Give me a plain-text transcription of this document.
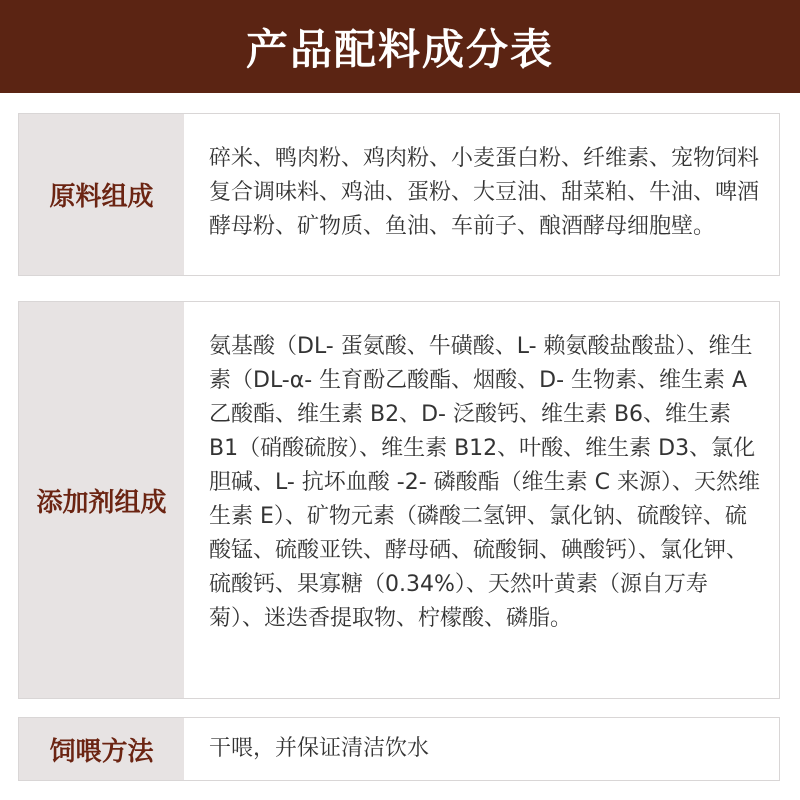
产品配料成分表
原料组成

碎米、鸭肉粉、鸡肉粉、小麦蛋白粉、纤维素、宠物饲料复合调味料、鸡油、蛋粉、大豆油、甜菜粕、牛油、啤酒酵母粉、矿物质、鱼油、车前子、酿酒酵母细胞壁。

添加剂组成

氨基酸（DL- 蛋氨酸、牛磺酸、L- 赖氨酸盐酸盐）、维生素（DL-α- 生育酚乙酸酯、烟酸、D- 生物素、维生素 A 乙酸酯、维生素 B2、D- 泛酸钙、维生素 B6、维生素 B1（硝酸硫胺）、维生素 B12、叶酸、维生素 D3、氯化胆碱、L- 抗坏血酸 -2- 磷酸酯（维生素 C 来源）、天然维生素 E）、矿物元素（磷酸二氢钾、氯化钠、硫酸锌、硫酸锰、硫酸亚铁、酵母硒、硫酸铜、碘酸钙）、氯化钾、硫酸钙、果寡糖（0.34%）、天然叶黄素（源自万寿菊）、迷迭香提取物、柠檬酸、磷脂。

饲喂方法	干喂，并保证清洁饮水
